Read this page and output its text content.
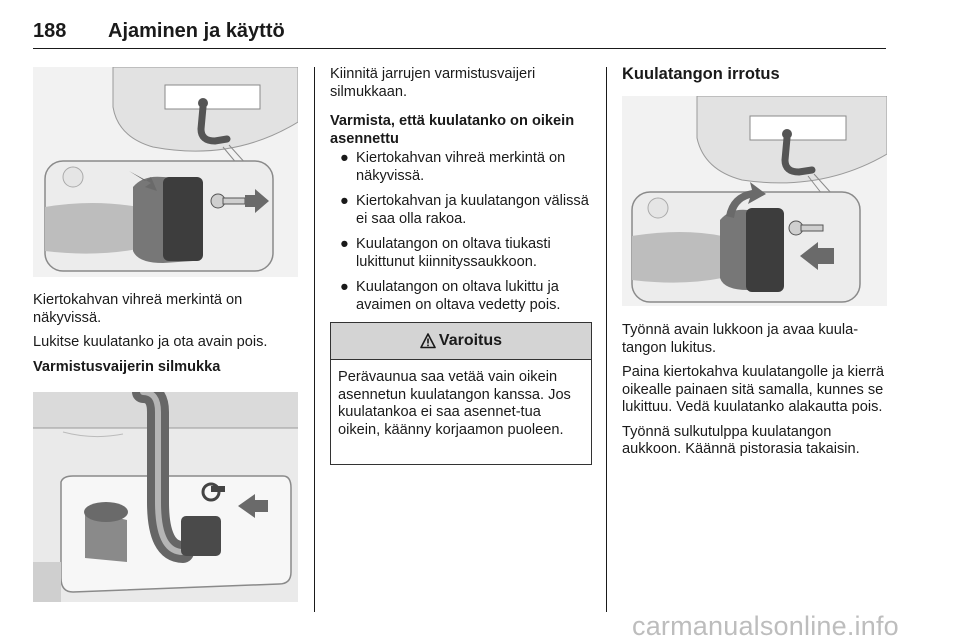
188 Ajaminen ja käyttö

Kiertokahvan vihreä merkintä on näkyvissä.

Lukitse kuulatanko ja ota avain pois.

Varmistusvaijerin silmukka

Kiinnitä jarrujen varmistusvaijeri silmukkaan.

Varmista, että kuulatanko on oikein asennettu

● Kiertokahvan vihreä merkintä on näkyvissä.
● Kiertokahvan ja kuulatangon välissä ei saa olla rakoa.
● Kuulatangon on oltava tiukasti lukittunut kiinnityssaukkoon.
● Kuulatangon on oltava lukittu ja avaimen on oltava vedetty pois.
Varoitus
Perävaunua saa vetää vain oikein asennetun kuulatangon kanssa. Jos kuulatankoa ei saa asennet-tua oikein, käänny korjaamon puoleen.
Kuulatangon irrotus

Työnnä avain lukkoon ja avaa kuula-tangon lukitus.

Paina kiertokahva kuulatangolle ja kierrä oikealle painaen sitä samalla, kunnes se lukittuu. Vedä kuulatanko alakautta pois.

Työnnä sulkutulppa kuulatangon aukkoon. Käännä pistorasia takaisin.

carmanualsonline.info
